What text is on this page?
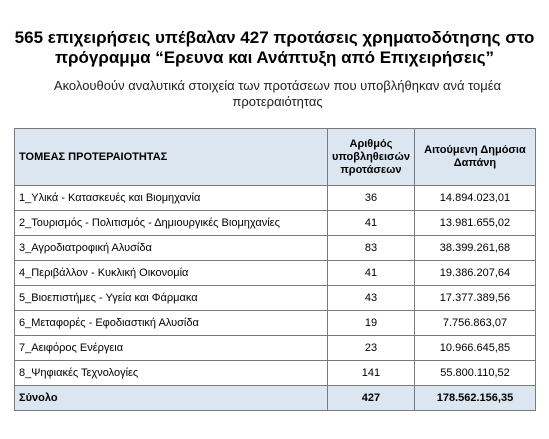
565 επιχειρήσεις υπέβαλαν 427 προτάσεις χρηματοδότησης στο
πρόγραμμα “Ερευνα και Ανάπτυξη από Επιχειρήσεις”
Ακολουθούν αναλυτικά στοιχεία των προτάσεων που υποβλήθηκαν ανά τομέα προτεραιότητας
ΤΟΜΕΑΣ ΠΡΟΤΕΡΑΙΟΤΗΤΑΣ	Αριθμός υποβληθεισών προτάσεων	Αιτούμενη Δημόσια Δαπάνη
1_Υλικά - Κατασκευές και Βιομηχανία	36	14.894.023,01
2_Τουρισμός - Πολιτισμός - Δημιουργικές Βιομηχανίες	41	13.981.655,02
3_Αγροδιατροφική Αλυσίδα	83	38.399.261,68
4_Περιβάλλον - Κυκλική Οικονομία	41	19.386.207,64
5_Βιοεπιστήμες - Υγεία και Φάρμακα	43	17.377.389,56
6_Μεταφορές - Εφοδιαστική Αλυσίδα	19	7.756.863,07
7_Αειφόρος Ενέργεια	23	10.966.645,85
8_Ψηφιακές Τεχνολογίες	141	55.800.110,52
Σύνολο	427	178.562.156,35
